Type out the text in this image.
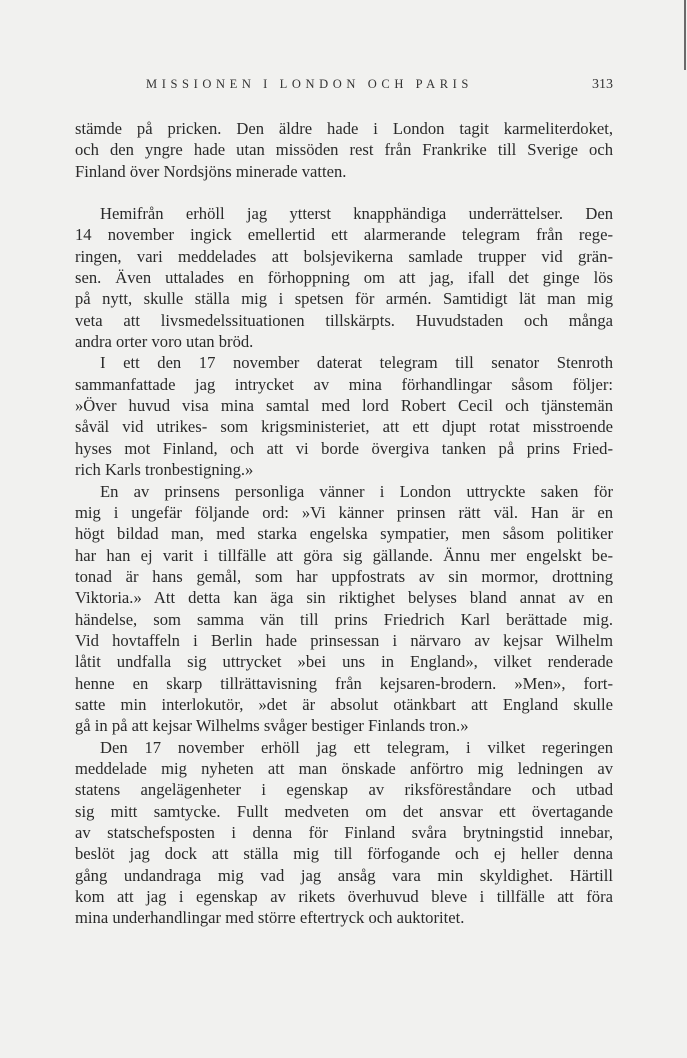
MISSIONEN I LONDON OCH PARIS	313
stämde på pricken. Den äldre hade i London tagit karmeliterdoket,
och den yngre hade utan missöden rest från Frankrike till Sverige och
Finland över Nordsjöns minerade vatten.
Hemifrån erhöll jag ytterst knapphändiga underrättelser. Den
14 november ingick emellertid ett alarmerande telegram från rege-
ringen, vari meddelades att bolsjevikerna samlade trupper vid grän-
sen. Även uttalades en förhoppning om att jag, ifall det ginge lös
på nytt, skulle ställa mig i spetsen för armén. Samtidigt lät man mig
veta att livsmedelssituationen tillskärpts. Huvudstaden och många
andra orter voro utan bröd.
I ett den 17 november daterat telegram till senator Stenroth
sammanfattade jag intrycket av mina förhandlingar såsom följer:
»Över huvud visa mina samtal med lord Robert Cecil och tjänstemän
såväl vid utrikes- som krigsministeriet, att ett djupt rotat misstroende
hyses mot Finland, och att vi borde övergiva tanken på prins Fried-
rich Karls tronbestigning.»
En av prinsens personliga vänner i London uttryckte saken för
mig i ungefär följande ord: »Vi känner prinsen rätt väl. Han är en
högt bildad man, med starka engelska sympatier, men såsom politiker
har han ej varit i tillfälle att göra sig gällande. Ännu mer engelskt be-
tonad är hans gemål, som har uppfostrats av sin mormor, drottning
Viktoria.» Att detta kan äga sin riktighet belyses bland annat av en
händelse, som samma vän till prins Friedrich Karl berättade mig.
Vid hovtaffeln i Berlin hade prinsessan i närvaro av kejsar Wilhelm
låtit undfalla sig uttrycket »bei uns in England», vilket renderade
henne en skarp tillrättavisning från kejsaren-brodern. »Men», fort-
satte min interlokutör, »det är absolut otänkbart att England skulle
gå in på att kejsar Wilhelms svåger bestiger Finlands tron.»
Den 17 november erhöll jag ett telegram, i vilket regeringen
meddelade mig nyheten att man önskade anförtro mig ledningen av
statens angelägenheter i egenskap av riksföreståndare och utbad
sig mitt samtycke. Fullt medveten om det ansvar ett övertagande
av statschefsposten i denna för Finland svåra brytningstid innebar,
beslöt jag dock att ställa mig till förfogande och ej heller denna
gång undandraga mig vad jag ansåg vara min skyldighet. Härtill
kom att jag i egenskap av rikets överhuvud bleve i tillfälle att föra
mina underhandlingar med större eftertryck och auktoritet.
